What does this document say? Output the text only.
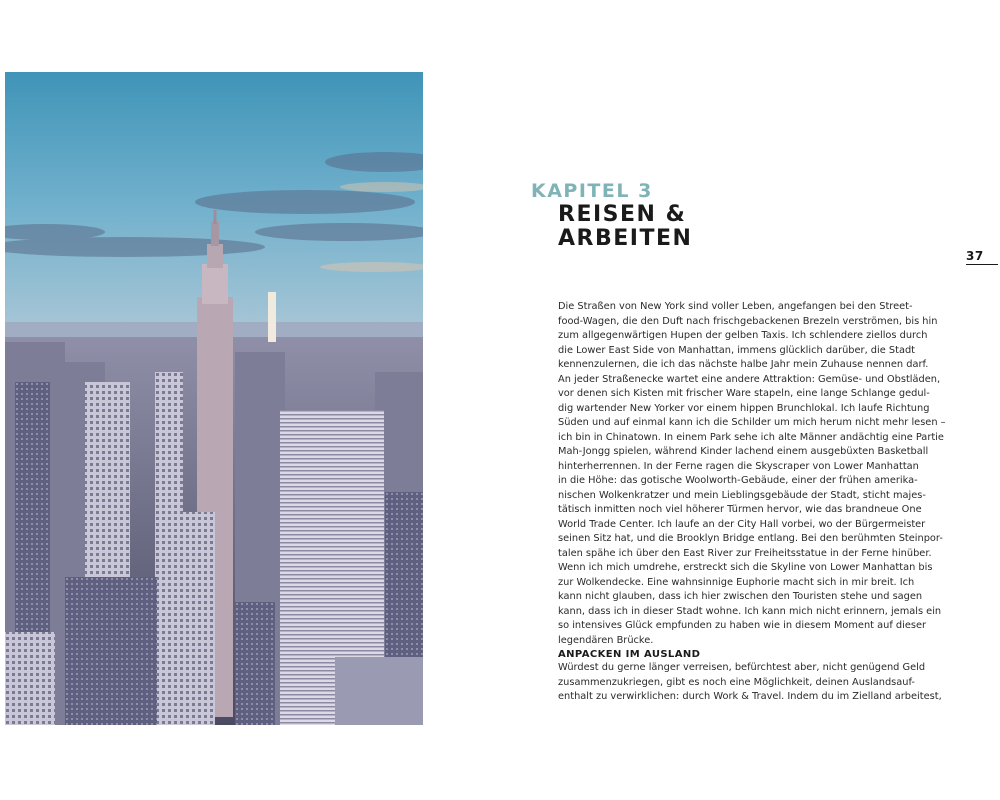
KAPITEL 3
REISEN &
ARBEITEN
37
Die Straßen von New York sind voller Leben, angefangen bei den Street-
food-Wagen, die den Duft nach frischgebackenen Brezeln verströmen, bis hin
zum allgegenwärtigen Hupen der gelben Taxis. Ich schlendere ziellos durch
die Lower East Side von Manhattan, immens glücklich darüber, die Stadt
kennenzulernen, die ich das nächste halbe Jahr mein Zuhause nennen darf.
An jeder Straßenecke wartet eine andere Attraktion: Gemüse- und Obstläden,
vor denen sich Kisten mit frischer Ware stapeln, eine lange Schlange gedul-
dig wartender New Yorker vor einem hippen Brunchlokal. Ich laufe Richtung
Süden und auf einmal kann ich die Schilder um mich herum nicht mehr lesen –
ich bin in Chinatown. In einem Park sehe ich alte Männer andächtig eine Partie
Mah-Jongg spielen, während Kinder lachend einem ausgebüxten Basketball
hinterherrennen. In der Ferne ragen die Skyscraper von Lower Manhattan
in die Höhe: das gotische Woolworth-Gebäude, einer der frühen amerika-
nischen Wolkenkratzer und mein Lieblingsgebäude der Stadt, sticht majes-
tätisch inmitten noch viel höherer Türmen hervor, wie das brandneue One
World Trade Center. Ich laufe an der City Hall vorbei, wo der Bürgermeister
seinen Sitz hat, und die Brooklyn Bridge entlang. Bei den berühmten Steinpor-
talen spähe ich über den East River zur Freiheitsstatue in der Ferne hinüber.
Wenn ich mich umdrehe, erstreckt sich die Skyline von Lower Manhattan bis
zur Wolkendecke. Eine wahnsinnige Euphorie macht sich in mir breit. Ich
kann nicht glauben, dass ich hier zwischen den Touristen stehe und sagen
kann, dass ich in dieser Stadt wohne. Ich kann mich nicht erinnern, jemals ein
so intensives Glück empfunden zu haben wie in diesem Moment auf dieser
legendären Brücke.
ANPACKEN IM AUSLAND
Würdest du gerne länger verreisen, befürchtest aber, nicht genügend Geld
zusammenzukriegen, gibt es noch eine Möglichkeit, deinen Auslandsauf-
enthalt zu verwirklichen: durch Work & Travel. Indem du im Zielland arbeitest,
